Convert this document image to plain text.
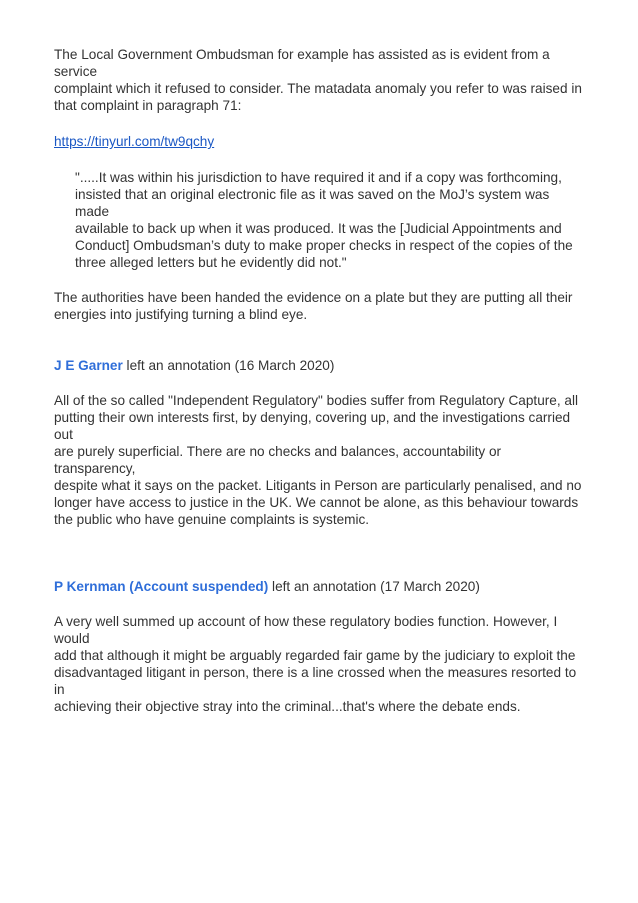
The Local Government Ombudsman for example has assisted as is evident from a service
complaint which it refused to consider. The matadata anomaly you refer to was raised in
that complaint in paragraph 71:

https://tinyurl.com/tw9qchy

".....It was within his jurisdiction to have required it and if a copy was forthcoming,
insisted that an original electronic file as it was saved on the MoJ’s system was made
available to back up when it was produced. It was the [Judicial Appointments and
Conduct] Ombudsman’s duty to make proper checks in respect of the copies of the
three alleged letters but he evidently did not."

The authorities have been handed the evidence on a plate but they are putting all their
energies into justifying turning a blind eye.

J E Garner left an annotation (16 March 2020)

All of the so called "Independent Regulatory" bodies suffer from Regulatory Capture, all
putting their own interests first, by denying, covering up, and the investigations carried out
are purely superficial. There are no checks and balances, accountability or transparency,
despite what it says on the packet. Litigants in Person are particularly penalised, and no
longer have access to justice in the UK. We cannot be alone, as this behaviour towards
the public who have genuine complaints is systemic.

P Kernman (Account suspended) left an annotation (17 March 2020)

A very well summed up account of how these regulatory bodies function. However, I would
add that although it might be arguably regarded fair game by the judiciary to exploit the
disadvantaged litigant in person, there is a line crossed when the measures resorted to in
achieving their objective stray into the criminal...that's where the debate ends.
